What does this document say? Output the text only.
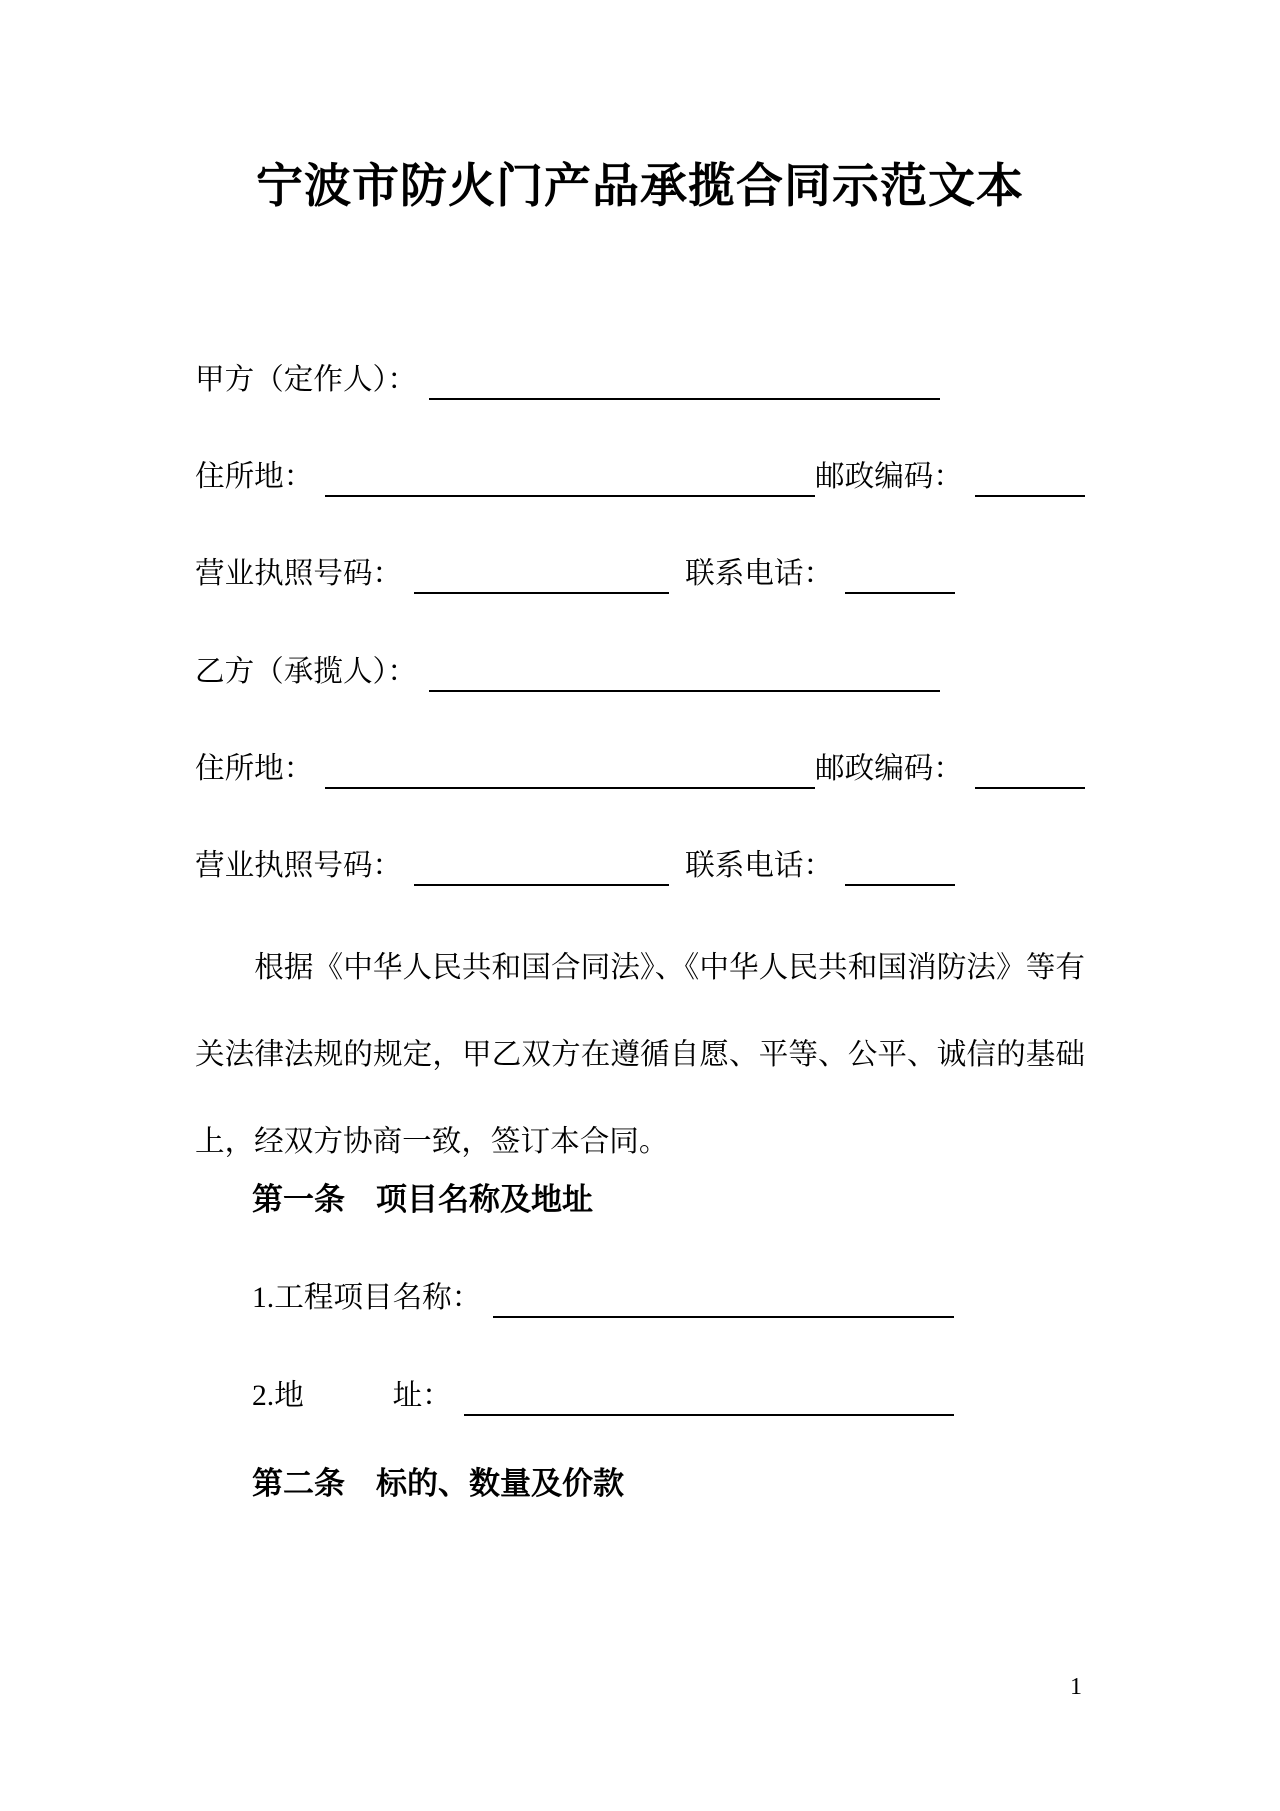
宁波市防火门产品承揽合同示范文本
甲方（定作人）：
住所地：	邮政编码：
营业执照号码：	联系电话：
乙方（承揽人）：
住所地：	邮政编码：
营业执照号码：	联系电话：

根据《中华人民共和国合同法》、《中华人民共和国消防法》等有关法律法规的规定，甲乙双方在遵循自愿、平等、公平、诚信的基础上，经双方协商一致，签订本合同。

第一条　项目名称及地址
1.工程项目名称：
2.地　　　址：
第二条　标的、数量及价款
1
